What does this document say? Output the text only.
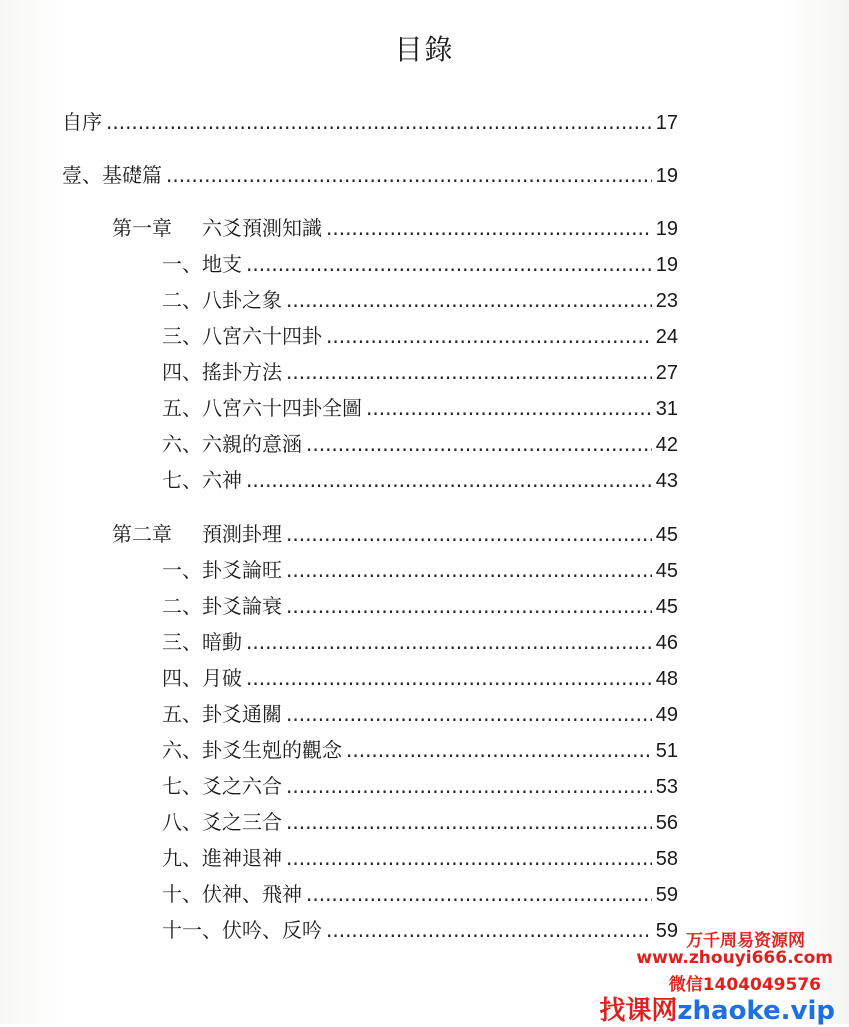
目錄
自序 .....	17
壹、基礎篇 .....	19
第一章 六爻預測知識 .....	19
一、地支 .....	19
二、八卦之象 .....	23
三、八宮六十四卦 .....	24
四、搖卦方法 .....	27
五、八宮六十四卦全圖 .....	31
六、六親的意涵 .....	42
七、六神 .....	43
第二章 預測卦理 .....	45
一、卦爻論旺 .....	45
二、卦爻論衰 .....	45
三、暗動 .....	46
四、月破 .....	48
五、卦爻通關 .....	49
六、卦爻生剋的觀念 .....	51
七、爻之六合 .....	53
八、爻之三合 .....	56
九、進神退神 .....	58
十、伏神、飛神 .....	59
十一、伏吟、反吟 .....	59 万千周易资源网
www.zhouyi666.com
微信1404049576
找课网zhaoke.vip
